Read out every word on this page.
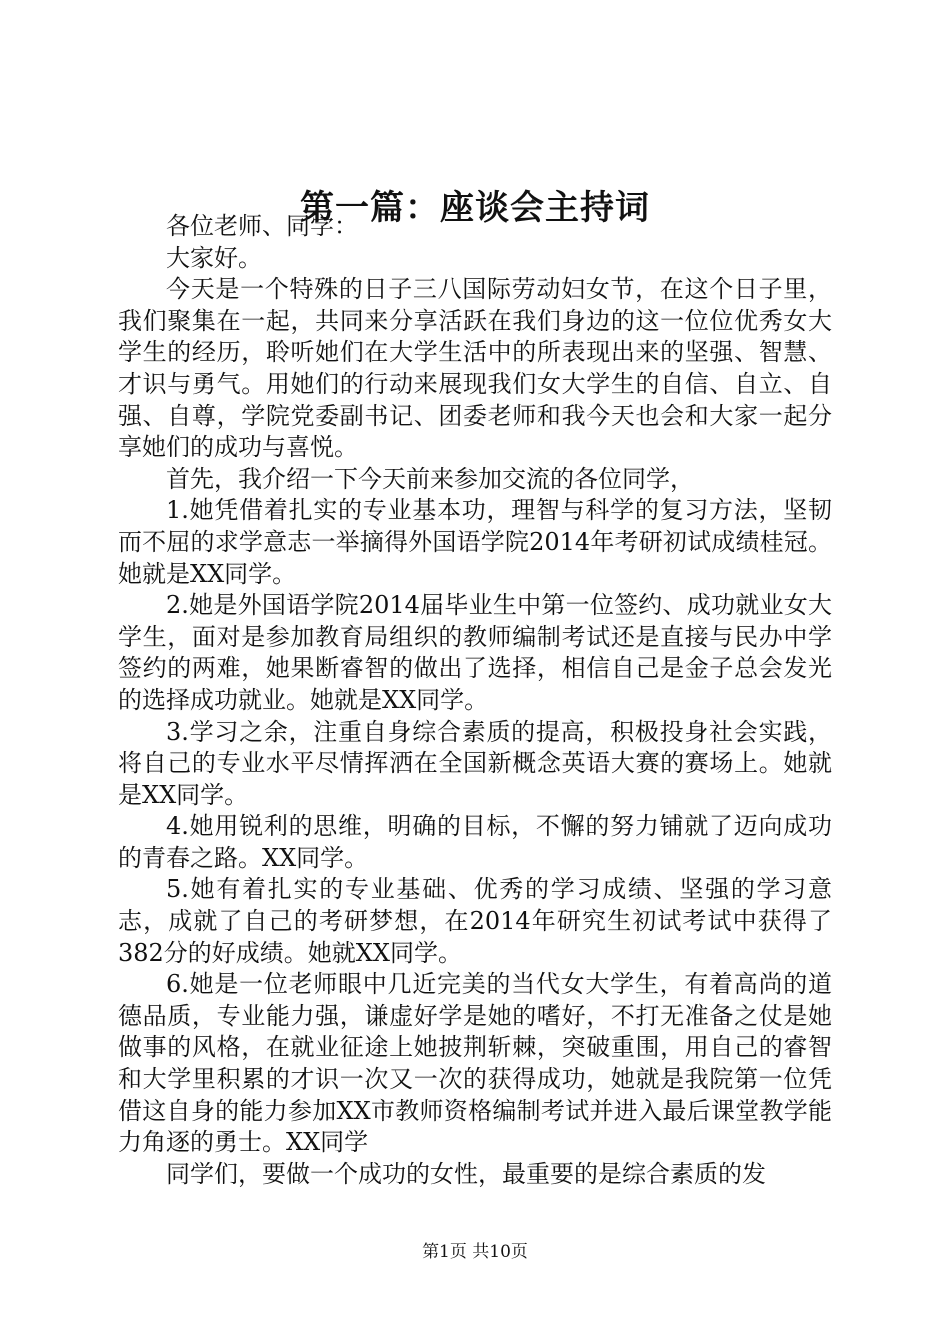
第一篇：座谈会主持词

各位老师、同学：

大家好。

今天是一个特殊的日子三八国际劳动妇女节，在这个日子里，我们聚集在一起，共同来分享活跃在我们身边的这一位位优秀女大学生的经历，聆听她们在大学生活中的所表现出来的坚强、智慧、才识与勇气。用她们的行动来展现我们女大学生的自信、自立、自强、自尊，学院党委副书记、团委老师和我今天也会和大家一起分享她们的成功与喜悦。

首先，我介绍一下今天前来参加交流的各位同学，

1.她凭借着扎实的专业基本功，理智与科学的复习方法，坚韧而不屈的求学意志一举摘得外国语学院2014年考研初试成绩桂冠。她就是XX同学。

2.她是外国语学院2014届毕业生中第一位签约、成功就业女大学生，面对是参加教育局组织的教师编制考试还是直接与民办中学签约的两难，她果断睿智的做出了选择，相信自己是金子总会发光的选择成功就业。她就是XX同学。

3.学习之余，注重自身综合素质的提高，积极投身社会实践，将自己的专业水平尽情挥洒在全国新概念英语大赛的赛场上。她就是XX同学。

4.她用锐利的思维，明确的目标，不懈的努力铺就了迈向成功的青春之路。XX同学。

5.她有着扎实的专业基础、优秀的学习成绩、坚强的学习意志，成就了自己的考研梦想，在2014年研究生初试考试中获得了382分的好成绩。她就XX同学。

6.她是一位老师眼中几近完美的当代女大学生，有着高尚的道德品质，专业能力强，谦虚好学是她的嗜好，不打无准备之仗是她做事的风格，在就业征途上她披荆斩棘，突破重围，用自己的睿智和大学里积累的才识一次又一次的获得成功，她就是我院第一位凭借这自身的能力参加XX市教师资格编制考试并进入最后课堂教学能力角逐的勇士。XX同学

同学们，要做一个成功的女性，最重要的是综合素质的发

第1页 共10页
